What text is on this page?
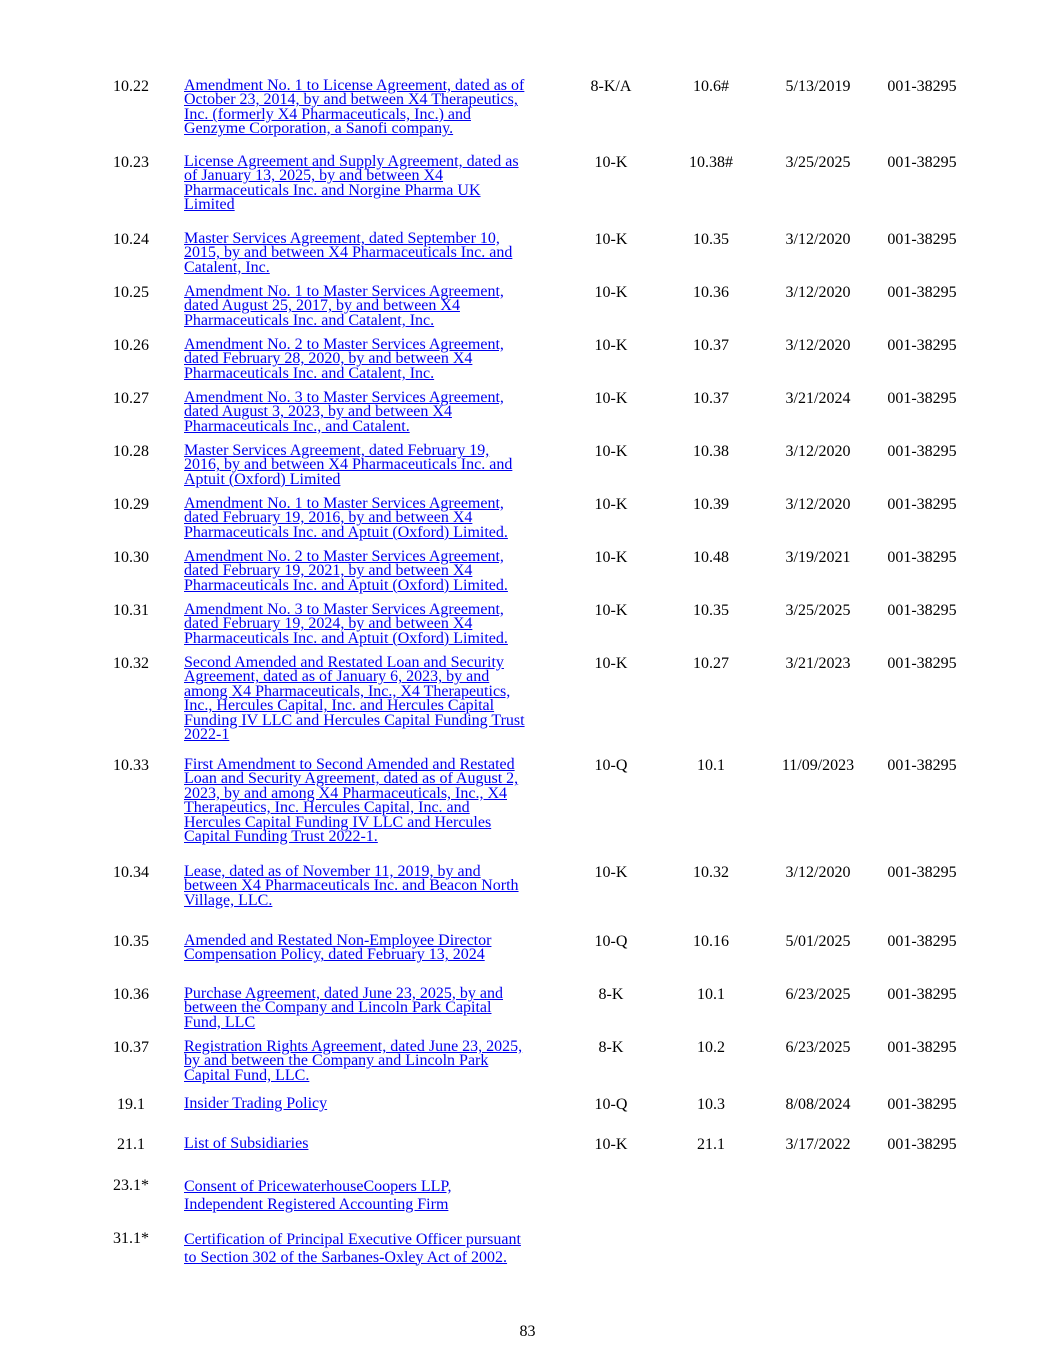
10.22	Amendment No. 1 to License Agreement, dated as of
October 23, 2014, by and between X4 Therapeutics,
Inc. (formerly X4 Pharmaceuticals, Inc.) and
Genzyme Corporation, a Sanofi company.
8-K/A	10.6#	5/13/2019	001-38295
10.23	License Agreement and Supply Agreement, dated as
of January 13, 2025, by and between X4
Pharmaceuticals Inc. and Norgine Pharma UK
Limited
10-K	10.38#	3/25/2025	001-38295
10.24	Master Services Agreement, dated September 10,
2015, by and between X4 Pharmaceuticals Inc. and
Catalent, Inc.
10-K	10.35	3/12/2020	001-38295
10.25	Amendment No. 1 to Master Services Agreement,
dated August 25, 2017, by and between X4
Pharmaceuticals Inc. and Catalent, Inc.
10-K	10.36	3/12/2020	001-38295
10.26	Amendment No. 2 to Master Services Agreement,
dated February 28, 2020, by and between X4
Pharmaceuticals Inc. and Catalent, Inc.
10-K	10.37	3/12/2020	001-38295
10.27	Amendment No. 3 to Master Services Agreement,
dated August 3, 2023, by and between X4
Pharmaceuticals Inc., and Catalent.
10-K	10.37	3/21/2024	001-38295
10.28	Master Services Agreement, dated February 19,
2016, by and between X4 Pharmaceuticals Inc. and
Aptuit (Oxford) Limited
10-K	10.38	3/12/2020	001-38295
10.29	Amendment No. 1 to Master Services Agreement,
dated February 19, 2016, by and between X4
Pharmaceuticals Inc. and Aptuit (Oxford) Limited.
10-K	10.39	3/12/2020	001-38295
10.30	Amendment No. 2 to Master Services Agreement,
dated February 19, 2021, by and between X4
Pharmaceuticals Inc. and Aptuit (Oxford) Limited.
10-K	10.48	3/19/2021	001-38295
10.31	Amendment No. 3 to Master Services Agreement,
dated February 19, 2024, by and between X4
Pharmaceuticals Inc. and Aptuit (Oxford) Limited.
10-K	10.35	3/25/2025	001-38295
10.32	Second Amended and Restated Loan and Security
Agreement, dated as of January 6, 2023, by and
among X4 Pharmaceuticals, Inc., X4 Therapeutics,
Inc., Hercules Capital, Inc. and Hercules Capital
Funding IV LLC and Hercules Capital Funding Trust
2022-1
10-K	10.27	3/21/2023	001-38295
10.33	First Amendment to Second Amended and Restated
Loan and Security Agreement, dated as of August 2,
2023, by and among X4 Pharmaceuticals, Inc., X4
Therapeutics, Inc. Hercules Capital, Inc. and
Hercules Capital Funding IV LLC and Hercules
Capital Funding Trust 2022-1.
10-Q	10.1	11/09/2023	001-38295
10.34	Lease, dated as of November 11, 2019, by and
between X4 Pharmaceuticals Inc. and Beacon North
Village, LLC.
10-K	10.32	3/12/2020	001-38295
10.35	Amended and Restated Non-Employee Director
Compensation Policy, dated February 13, 2024
10-Q	10.16	5/01/2025	001-38295
10.36	Purchase Agreement, dated June 23, 2025, by and
between the Company and Lincoln Park Capital
Fund, LLC
8-K	10.1	6/23/2025	001-38295
10.37	Registration Rights Agreement, dated June 23, 2025,
by and between the Company and Lincoln Park
Capital Fund, LLC.
8-K	10.2	6/23/2025	001-38295
19.1	Insider Trading Policy	10-Q	10.3	8/08/2024	001-38295
21.1	List of Subsidiaries	10-K	21.1	3/17/2022	001-38295
23.1*	Consent of PricewaterhouseCoopers LLP,
Independent Registered Accounting Firm
31.1*	Certification of Principal Executive Officer pursuant
to Section 302 of the Sarbanes-Oxley Act of 2002.
83
